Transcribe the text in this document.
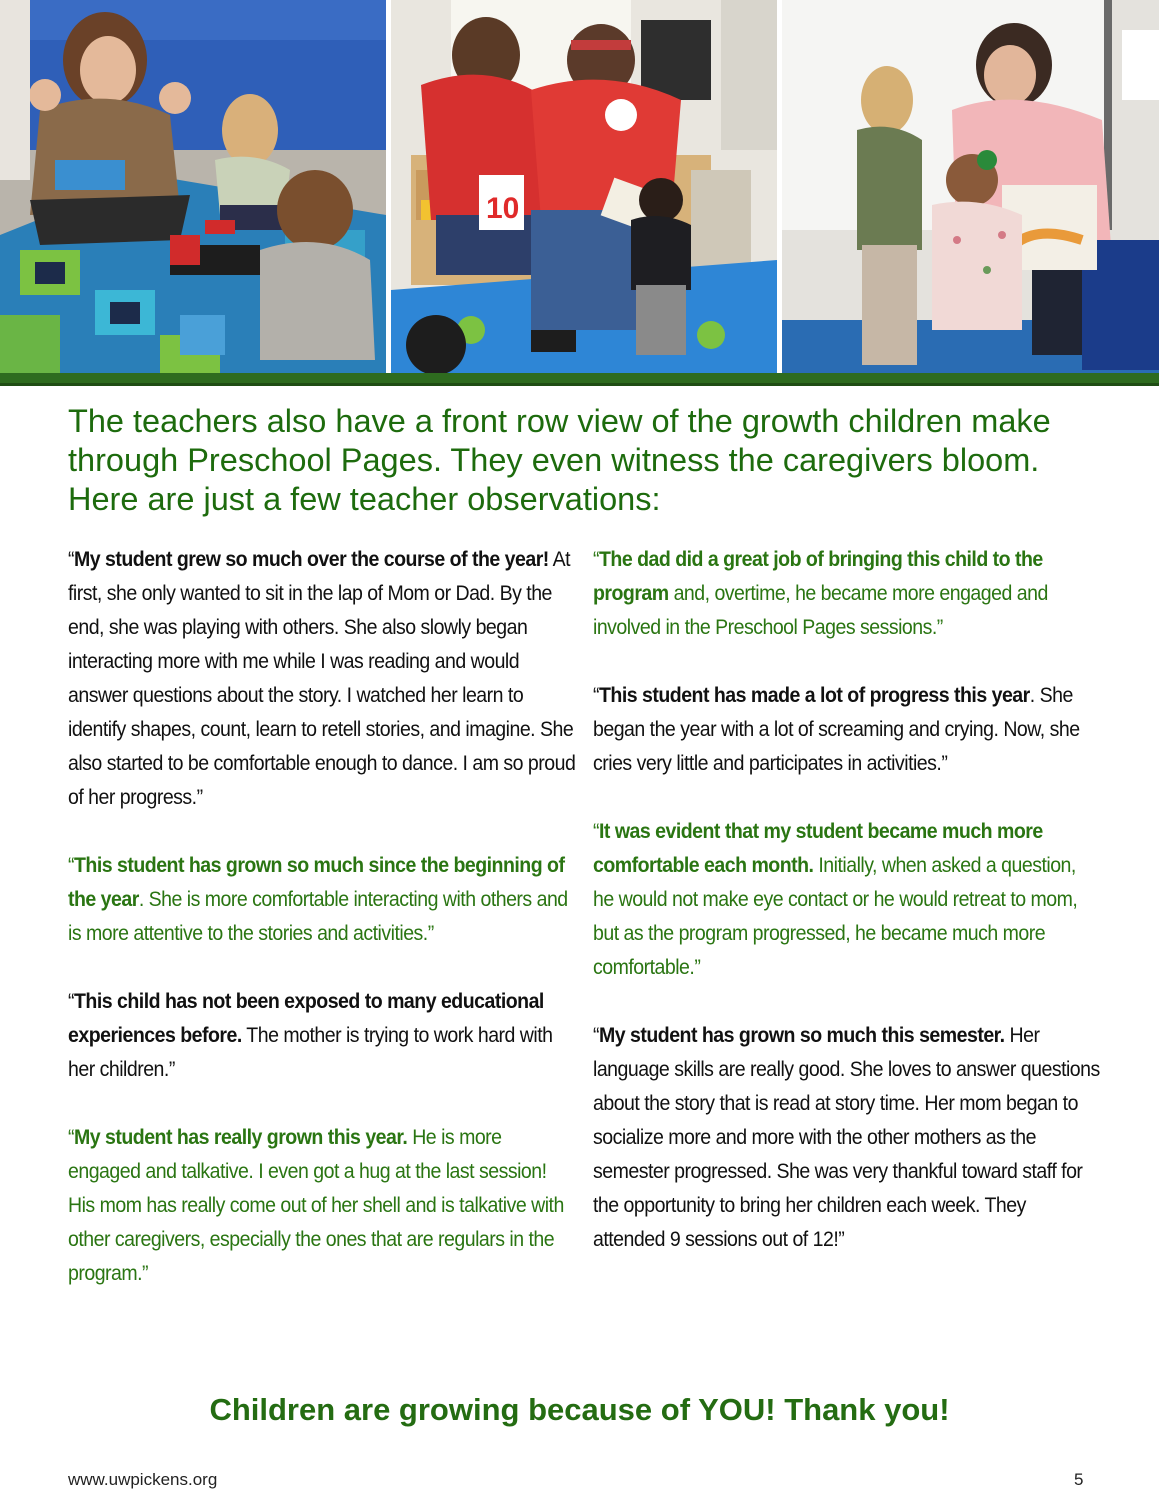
10

The teachers also have a front row view of the growth children make through Preschool Pages. They even witness the caregivers bloom. Here are just a few teacher observations:

“My student grew so much over the course of the year! At first, she only wanted to sit in the lap of Mom or Dad. By the end, she was playing with others. She also slowly began interacting more with me while I was reading and would answer questions about the story. I watched her learn to identify shapes, count, learn to retell stories, and imagine. She also started to be comfortable enough to dance. I am so proud of her progress.”

“This student has grown so much since the beginning of the year. She is more comfortable interacting with others and is more attentive to the stories and activities.”

“This child has not been exposed to many educational experiences before. The mother is trying to work hard with her children.”

“My student has really grown this year. He is more engaged and talkative. I even got a hug at the last session! His mom has really come out of her shell and is talkative with other caregivers, especially the ones that are regulars in the program.”

“The dad did a great job of bringing this child to the program and, overtime, he became more engaged and involved in the Preschool Pages sessions.”

“This student has made a lot of progress this year. She began the year with a lot of screaming and crying. Now, she cries very little and participates in activities.”

“It was evident that my student became much more comfortable each month. Initially, when asked a question, he would not make eye contact or he would retreat to mom, but as the program progressed, he became much more comfortable.”

“My student has grown so much this semester. Her language skills are really good. She loves to answer questions about the story that is read at story time. Her mom began to socialize more and more with the other mothers as the semester progressed. She was very thankful toward staff for the opportunity to bring her children each week. They attended 9 sessions out of 12!”

Children are growing because of YOU! Thank you!
www.uwpickens.org	5
